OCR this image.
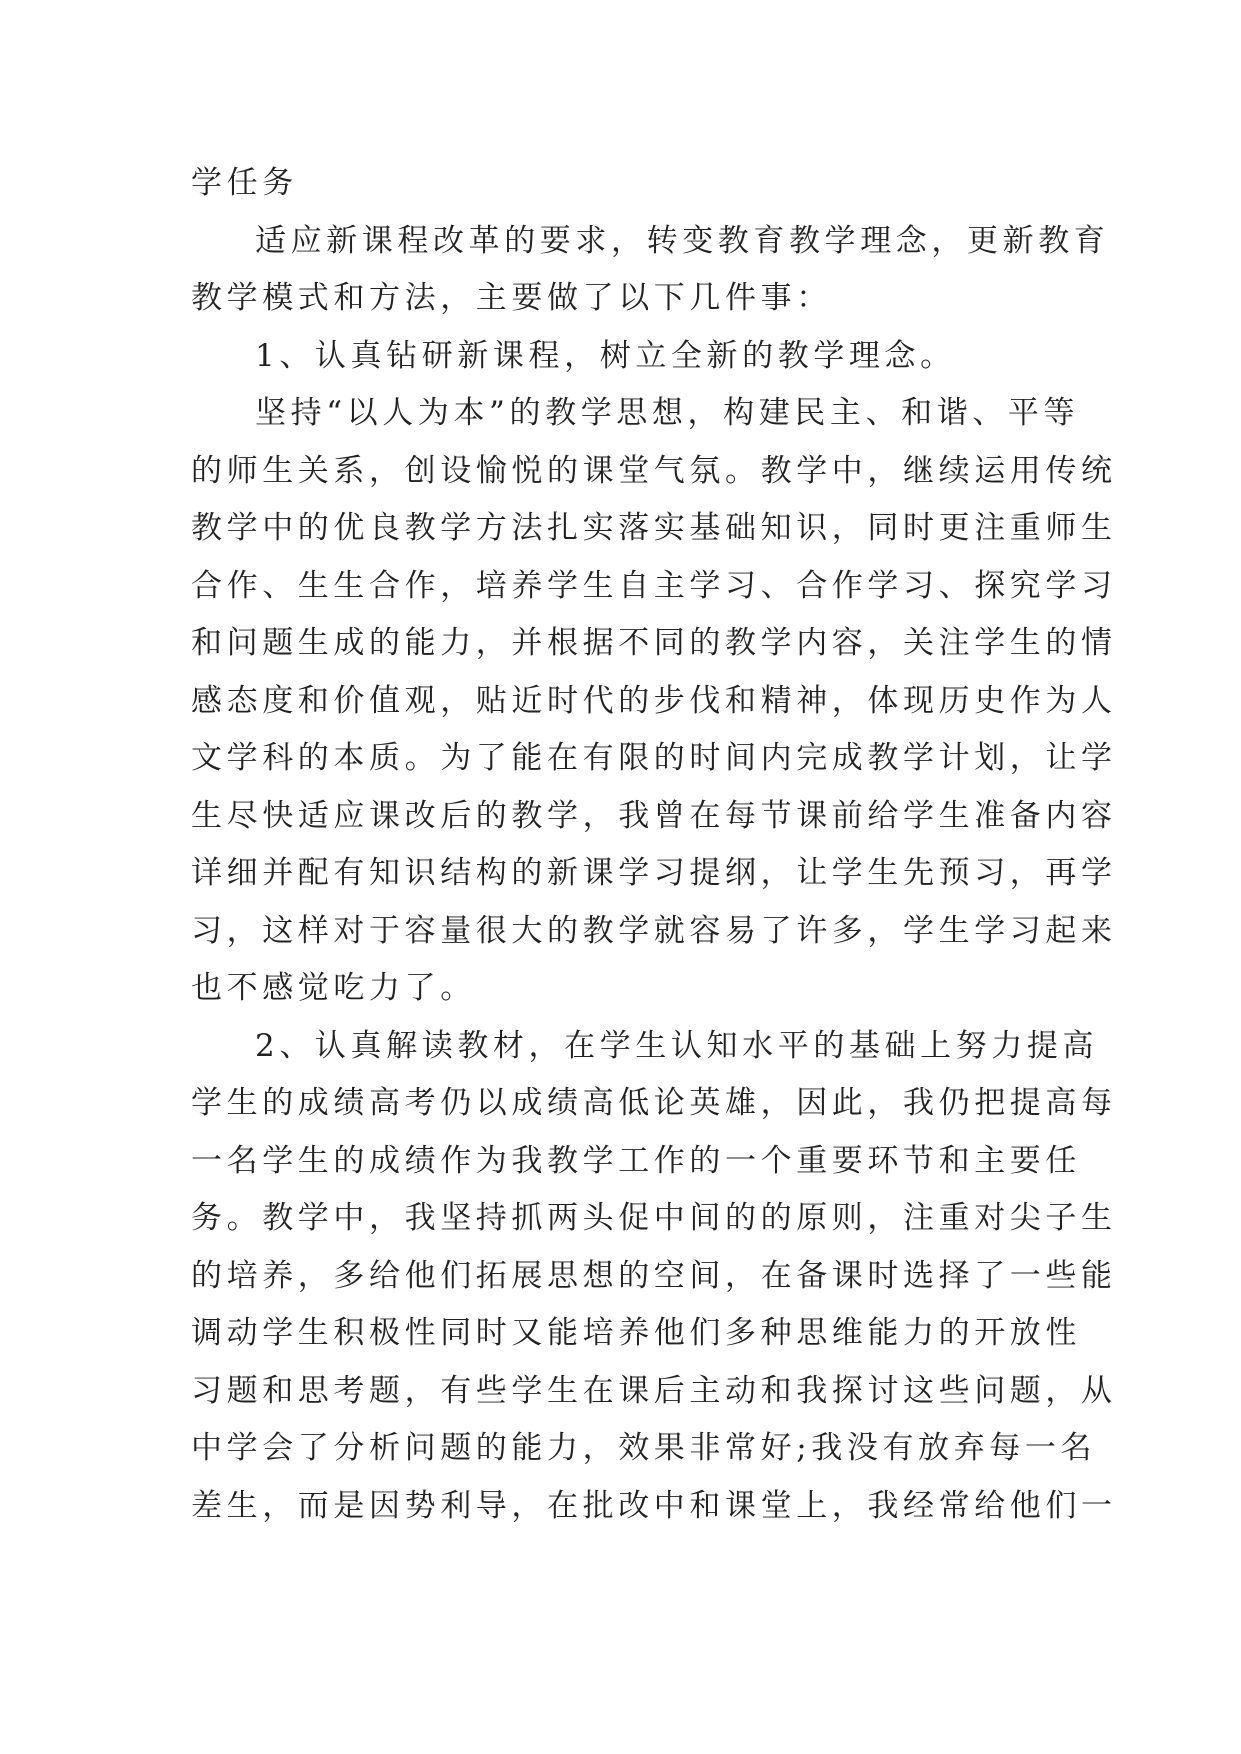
学任务
适应新课程改革的要求，转变教育教学理念，更新教育
教学模式和方法，主要做了以下几件事：
1、认真钻研新课程，树立全新的教学理念。
坚持“以人为本”的教学思想，构建民主、和谐、平等
的师生关系，创设愉悦的课堂气氛。教学中，继续运用传统
教学中的优良教学方法扎实落实基础知识，同时更注重师生
合作、生生合作，培养学生自主学习、合作学习、探究学习
和问题生成的能力，并根据不同的教学内容，关注学生的情
感态度和价值观，贴近时代的步伐和精神，体现历史作为人
文学科的本质。为了能在有限的时间内完成教学计划，让学
生尽快适应课改后的教学，我曾在每节课前给学生准备内容
详细并配有知识结构的新课学习提纲，让学生先预习，再学
习，这样对于容量很大的教学就容易了许多，学生学习起来
也不感觉吃力了。
2、认真解读教材，在学生认知水平的基础上努力提高
学生的成绩高考仍以成绩高低论英雄，因此，我仍把提高每
一名学生的成绩作为我教学工作的一个重要环节和主要任
务。教学中，我坚持抓两头促中间的的原则，注重对尖子生
的培养，多给他们拓展思想的空间，在备课时选择了一些能
调动学生积极性同时又能培养他们多种思维能力的开放性
习题和思考题，有些学生在课后主动和我探讨这些问题，从
中学会了分析问题的能力，效果非常好;我没有放弃每一名
差生，而是因势利导，在批改中和课堂上，我经常给他们一
